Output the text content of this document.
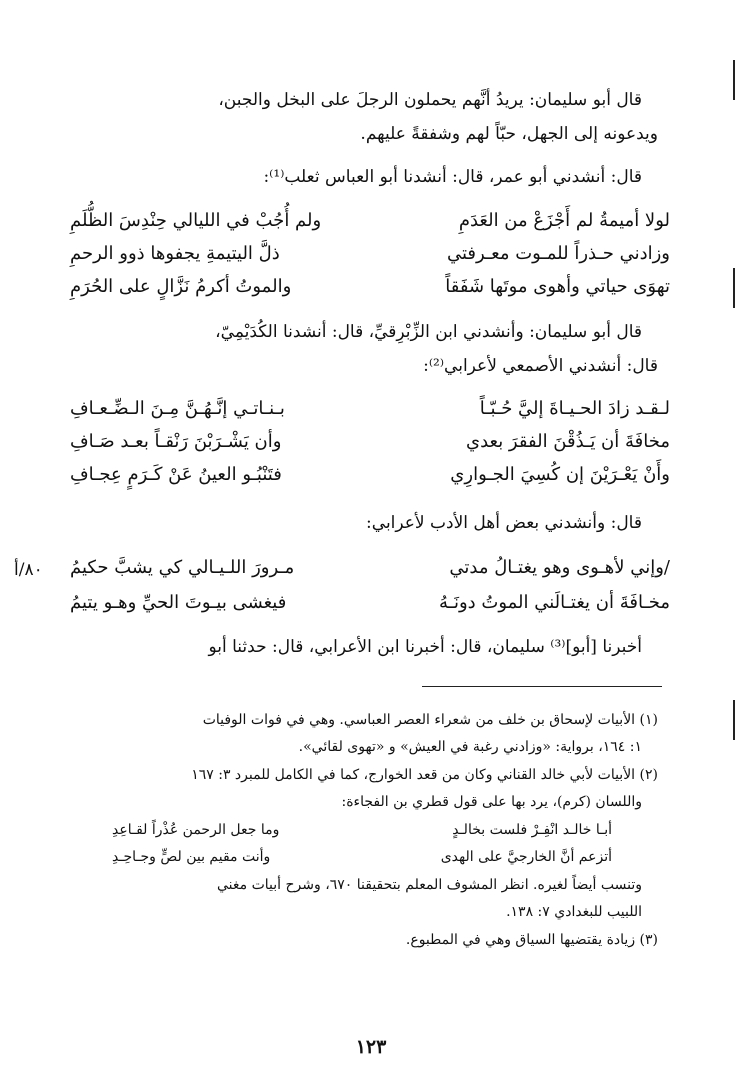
قال أبو سليمان: يريدُ أنَّهم يحملون الرجلَ على البخل والجبن،

ويدعونه إلى الجهل، حبّاً لهم وشفقةً عليهم.

قال: أنشدني أبو عمر، قال: أنشدنا أبو العباس ثعلب⁽¹⁾:

لولا أميمةُ لم أَجْزَعْ من العَدَمِ
ولم أُجُبْ في الليالي حِنْدِسَ الظُّلَمِ
وزادني حـذراً للمـوت معـرفتي
ذلَّ اليتيمةِ يجفوها ذوو الرحمِ
تهوَى حياتي وأهوى موتَها شَفَقاً
والموتُ أكرمُ نَزَّالٍ على الحُرَمِ

قال أبو سليمان: وأنشدني ابن الزِّبْرِقيِّ، قال: أنشدنا الكُدَيْمِيّ،

قال: أنشدني الأصمعي لأعرابي⁽²⁾:

لـقـد زادَ الحـيـاةَ إليَّ حُـبّـاً
بـنـاتـي إنَّـهُـنَّ مِـنَ الـضِّـعـافِ
مخافَةَ أن يَـذُقْنَ الفقرَ بعدي
وأن يَشْـرَبْنَ رَنْقـاً بعـد صَـافِ
وأَنْ يَعْـرَيْنَ إن كُسِيَ الجـوارِي
فتَنْبُـو العينُ عَنْ كَـرَمٍ عِجـافِ

قال: وأنشدني بعض أهل الأدب لأعرابي:

/وإني لأهـوى وهو يغتـالُ مدتي
مـرورَ اللـيـالي كي يشبَّ حكيمُ
٨٠/أ
مخـافَةَ أن يغتـالَني الموتُ دونَـهُ
فيغشى بيـوتَ الحيِّ وهـو يتيمُ

أخبرنا [أبو]⁽³⁾ سليمان، قال: أخبرنا ابن الأعرابي، قال: حدثنا أبو

(١) الأبيات لإسحاق بن خلف من شعراء العصر العباسي. وهي في فوات الوفيات
١: ١٦٤، برواية: «وزادني رغبة في العيش» و «تهوى لقائي».
(٢) الأبيات لأبي خالد القناني وكان من قعد الخوارج، كما في الكامل للمبرد ٣: ١٦٧
واللسان (كرم)، يرد بها على قول قطري بن الفجاءة:
أبـا خالـد انْفِـرْ فلست بخالـدٍ
وما جعل الرحمن عُذْراً لقـاعِدِ
أتزعم أنَّ الخارجيَّ على الهدى
وأنت مقيم بين لصٍّ وجـاحِـدِ
وتنسب أيضاً لغيره. انظر المشوف المعلم بتحقيقنا ٦٧٠، وشرح أبيات مغني
اللبيب للبغدادي ٧: ١٣٨.
(٣) زيادة يقتضيها السياق وهي في المطبوع.
١٢٣
